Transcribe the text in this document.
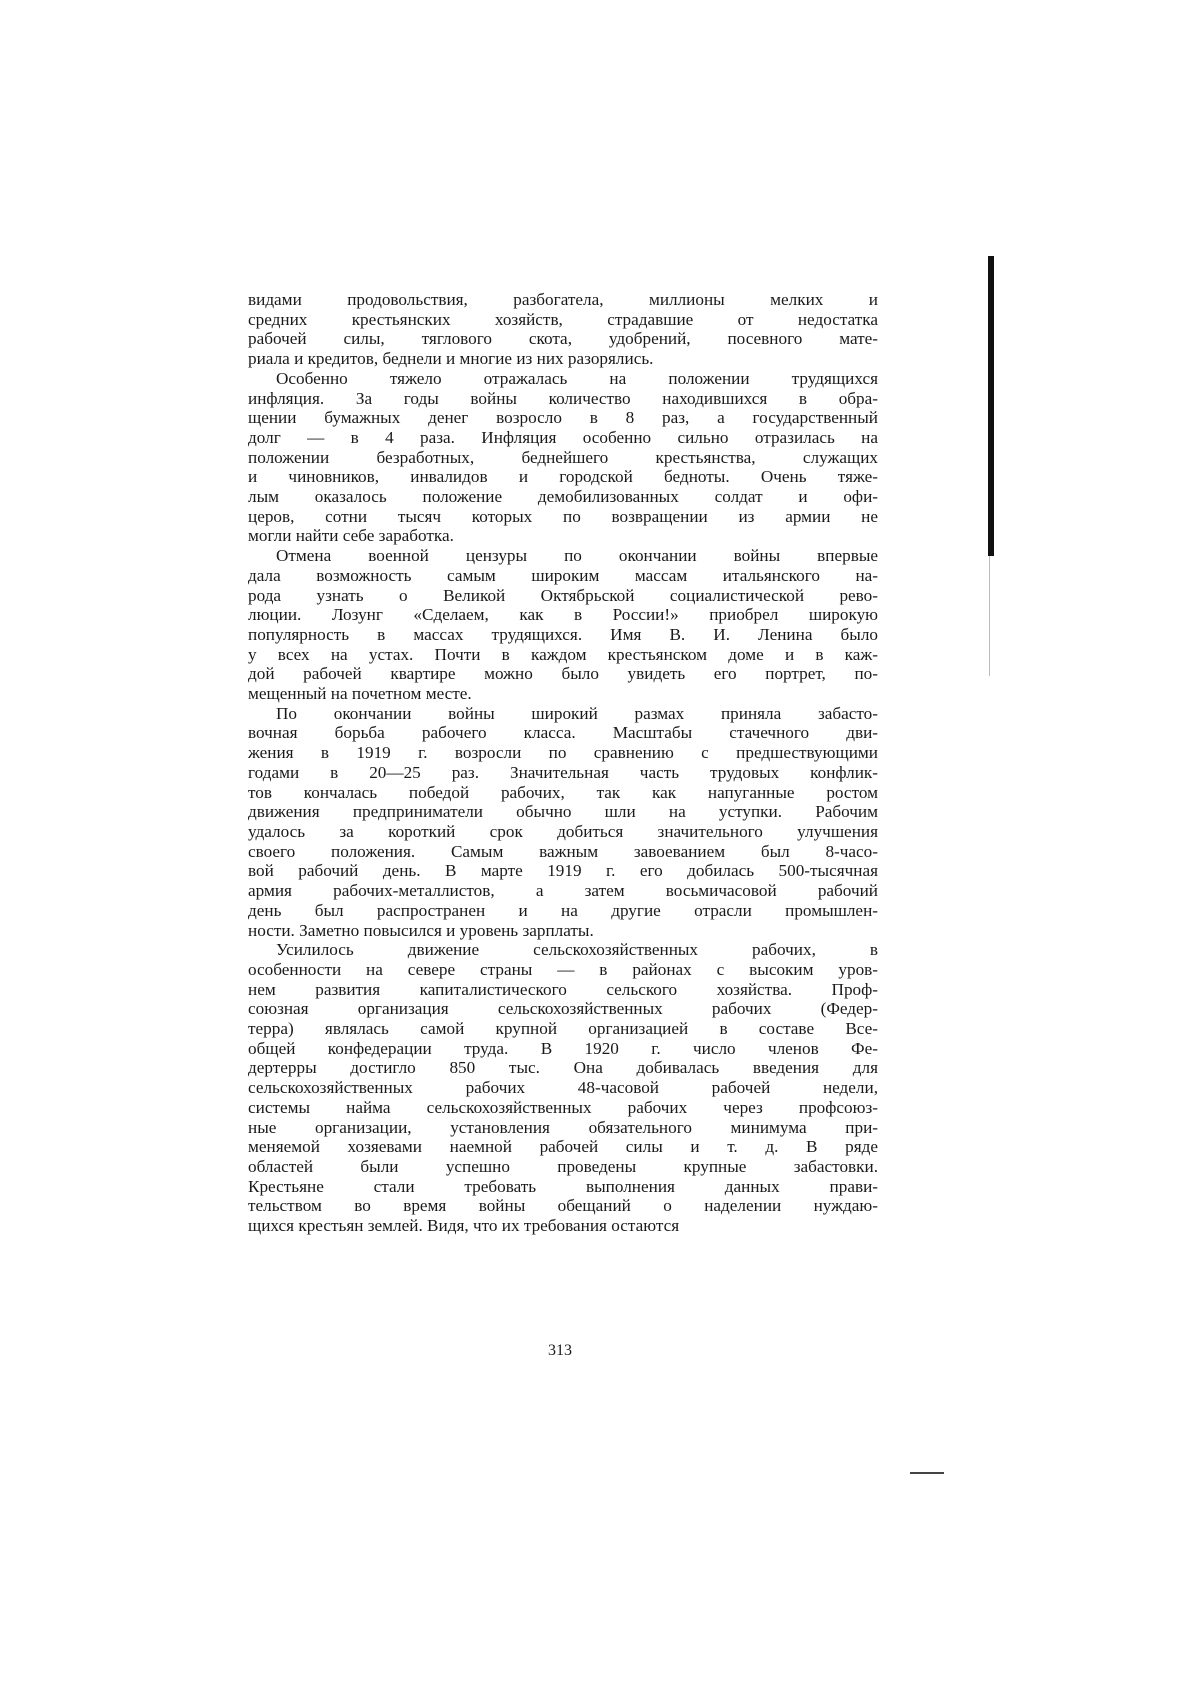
видами продовольствия, разбогатела, миллионы мелких и
средних крестьянских хозяйств, страдавшие от недостатка
рабочей силы, тяглового скота, удобрений, посевного мате-
риала и кредитов, беднели и многие из них разорялись.
Особенно тяжело отражалась на положении трудящихся
инфляция. За годы войны количество находившихся в обра-
щении бумажных денег возросло в 8 раз, а государственный
долг — в 4 раза. Инфляция особенно сильно отразилась на
положении безработных, беднейшего крестьянства, служащих
и чиновников, инвалидов и городской бедноты. Очень тяже-
лым оказалось положение демобилизованных солдат и офи-
церов, сотни тысяч которых по возвращении из армии не
могли найти себе заработка.
Отмена военной цензуры по окончании войны впервые
дала возможность самым широким массам итальянского на-
рода узнать о Великой Октябрьской социалистической рево-
люции. Лозунг «Сделаем, как в России!» приобрел широкую
популярность в массах трудящихся. Имя В. И. Ленина было
у всех на устах. Почти в каждом крестьянском доме и в каж-
дой рабочей квартире можно было увидеть его портрет, по-
мещенный на почетном месте.
По окончании войны широкий размах приняла забасто-
вочная борьба рабочего класса. Масштабы стачечного дви-
жения в 1919 г. возросли по сравнению с предшествующими
годами в 20—25 раз. Значительная часть трудовых конфлик-
тов кончалась победой рабочих, так как напуганные ростом
движения предприниматели обычно шли на уступки. Рабочим
удалось за короткий срок добиться значительного улучшения
своего положения. Самым важным завоеванием был 8-часо-
вой рабочий день. В марте 1919 г. его добилась 500-тысячная
армия рабочих-металлистов, а затем восьмичасовой рабочий
день был распространен и на другие отрасли промышлен-
ности. Заметно повысился и уровень зарплаты.
Усилилось движение сельскохозяйственных рабочих, в
особенности на севере страны — в районах с высоким уров-
нем развития капиталистического сельского хозяйства. Проф-
союзная организация сельскохозяйственных рабочих (Федер-
терра) являлась самой крупной организацией в составе Все-
общей конфедерации труда. В 1920 г. число членов Фе-
дертерры достигло 850 тыс. Она добивалась введения для
сельскохозяйственных рабочих 48-часовой рабочей недели,
системы найма сельскохозяйственных рабочих через профсоюз-
ные организации, установления обязательного минимума при-
меняемой хозяевами наемной рабочей силы и т. д. В ряде
областей были успешно проведены крупные забастовки.
Крестьяне стали требовать выполнения данных прави-
тельством во время войны обещаний о наделении нуждаю-
щихся крестьян землей. Видя, что их требования остаются
313
